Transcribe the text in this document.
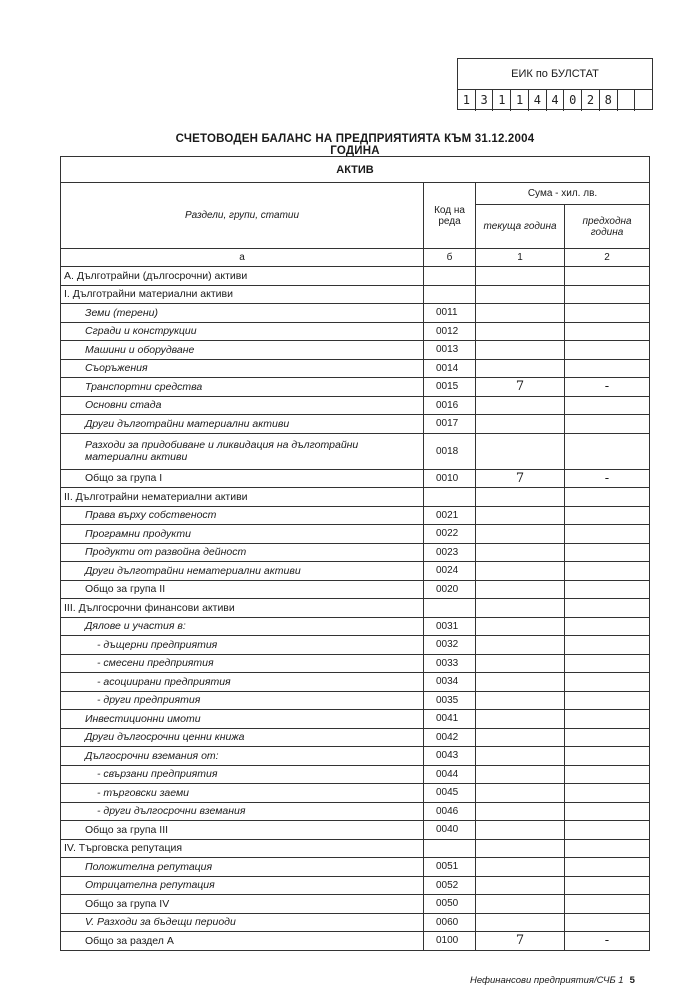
ЕИК по БУЛСТАТ
1 3 1 1 4 4 0 2 8
СЧЕТОВОДЕН БАЛАНС НА ПРЕДПРИЯТИЯТА КЪМ 31.12.2004 ГОДИНА
АКТИВ			
Раздели, групи, статии	Код на реда	Сума - хил. лв.	
		текуща година	предходна година
а	б	1	2
А. Дълготрайни (дългосрочни) активи			
I. Дълготрайни материални активи			
Земи (терени)	0011		
Сгради и конструкции	0012		
Машини и оборудване	0013		
Съоръжения	0014		
Транспортни средства	0015	7	-
Основни стада	0016		
Други дълготрайни материални активи	0017		
Разходи за придобиване и ликвидация на дълготрайни материални активи	0018		
Общо за група I	0010	7	-
II. Дълготрайни нематериални активи			
Права върху собственост	0021		
Програмни продукти	0022		
Продукти от развойна дейност	0023		
Други дълготрайни нематериални активи	0024		
Общо за група II	0020		
III. Дългосрочни финансови активи			
Дялове и участия в:	0031		
- дъщерни предприятия	0032		
- смесени предприятия	0033		
- асоциирани предприятия	0034		
- други предприятия	0035		
Инвестиционни имоти	0041		
Други дългосрочни ценни книжа	0042		
Дългосрочни вземания от:	0043		
- свързани предприятия	0044		
- търговски заеми	0045		
- други дългосрочни вземания	0046		
Общо за група III	0040		
IV. Търговска репутация			
Положителна репутация	0051		
Отрицателна репутация	0052		
Общо за група IV	0050		
V. Разходи за бъдещи периоди	0060		
Общо за раздел А	0100	7	-
Нефинансови предприятия/СЧБ 1 5
